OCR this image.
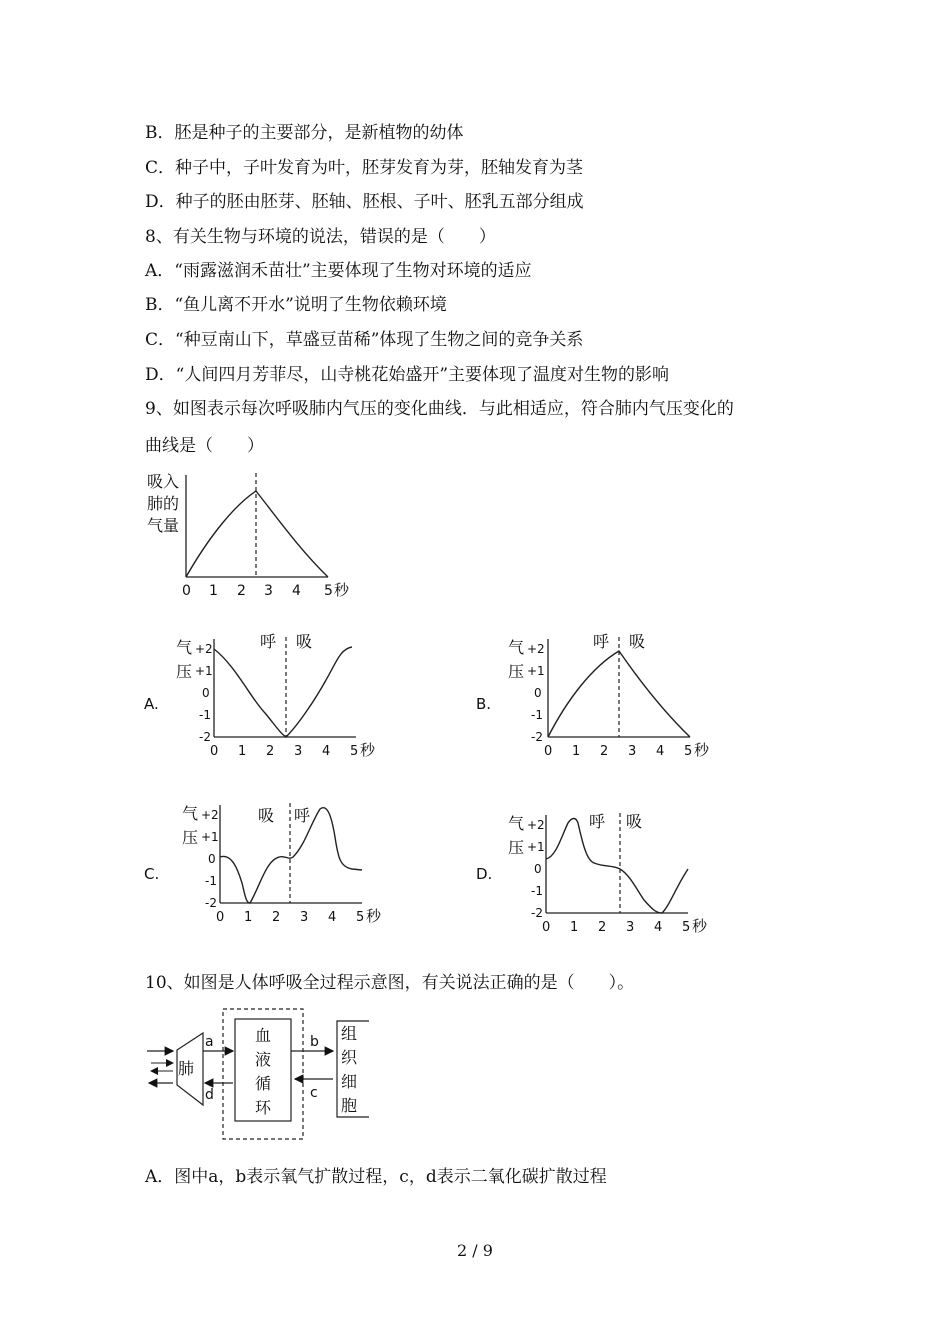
B．胚是种子的主要部分，是新植物的幼体
C．种子中，子叶发育为叶，胚芽发育为芽，胚轴发育为茎
D．种子的胚由胚芽、胚轴、胚根、子叶、胚乳五部分组成
8、有关生物与环境的说法，错误的是（　　）
A．“雨露滋润禾苗壮”主要体现了生物对环境的适应
B．“鱼儿离不开水”说明了生物依赖环境
C．“种豆南山下，草盛豆苗稀”体现了生物之间的竞争关系
D．“人间四月芳菲尽，山寺桃花始盛开”主要体现了温度对生物的影响
9、如图表示每次呼吸肺内气压的变化曲线．与此相适应，符合肺内气压变化的
曲线是（　　）
吸入
肺的
气量
0 1 2 3 4 5 秒
A.
气
压
+2
+1
0
-1
-2
呼 吸
0 1 2 3 4 5 秒
B.
气
压
+2
+1
0
-1
-2
呼 吸
0 1 2 3 4 5 秒
C.
气
压
+2
+1
0
-1
-2
吸 呼
0 1 2 3 4 5 秒
D.
气
压
+2
+1
0
-1
-2
呼 吸
0 1 2 3 4 5 秒
10、如图是人体呼吸全过程示意图，有关说法正确的是（　　）。
肺
血
液
循
环
a
d
b
c
组
织
细
胞
A．图中a，b表示氧气扩散过程，c，d表示二氧化碳扩散过程
2 / 9
